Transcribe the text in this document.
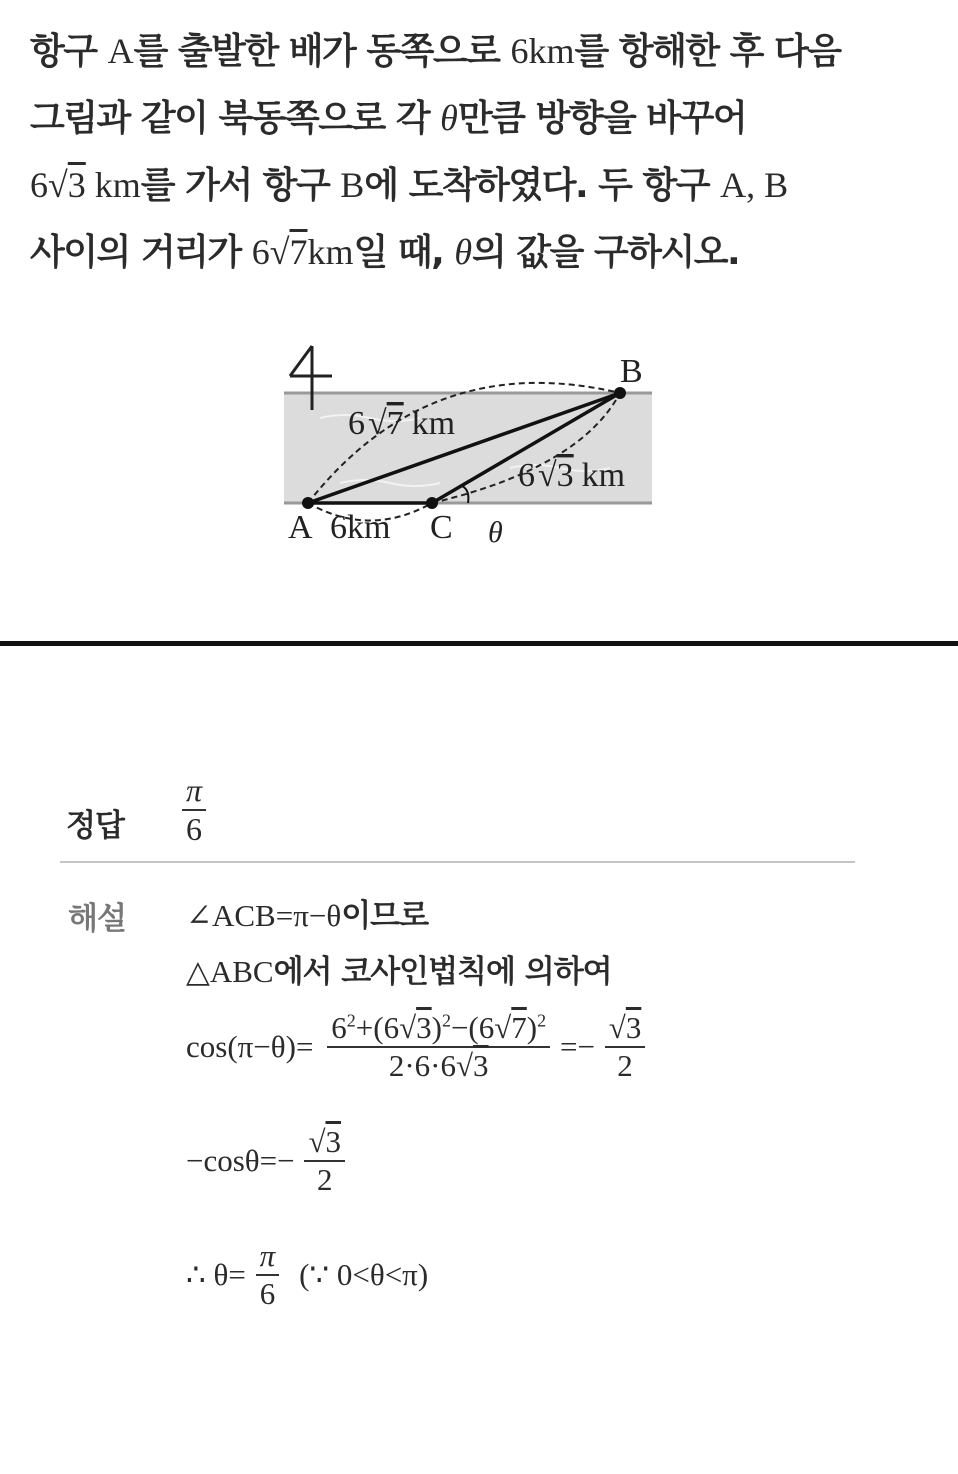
항구 A를 출발한 배가 동쪽으로 6km를 항해한 후 다음
그림과 같이 북동쪽으로 각 θ만큼 방향을 바꾸어
6√3 km를 가서 항구 B에 도착하였다. 두 항구 A, B
사이의 거리가 6√7km일 때, θ의 값을 구하시오.
B
A	C θ
6km
6√7 km
6√3 km
정답
π
6
해설 ∠ACB=π−θ이므로
△ABC에서 코사인법칙에 의하여
$\cos(\pi-\theta)= \frac{6^2+(6√3)^2-(6√7)^2}{2\cdot 6\cdot 6√3} =- \frac{√3}{2}$
$-\cos\theta=- \frac{√3}{2}$
∴ $\theta= \frac{\pi}{6}$ (∵ 0<θ<π)
